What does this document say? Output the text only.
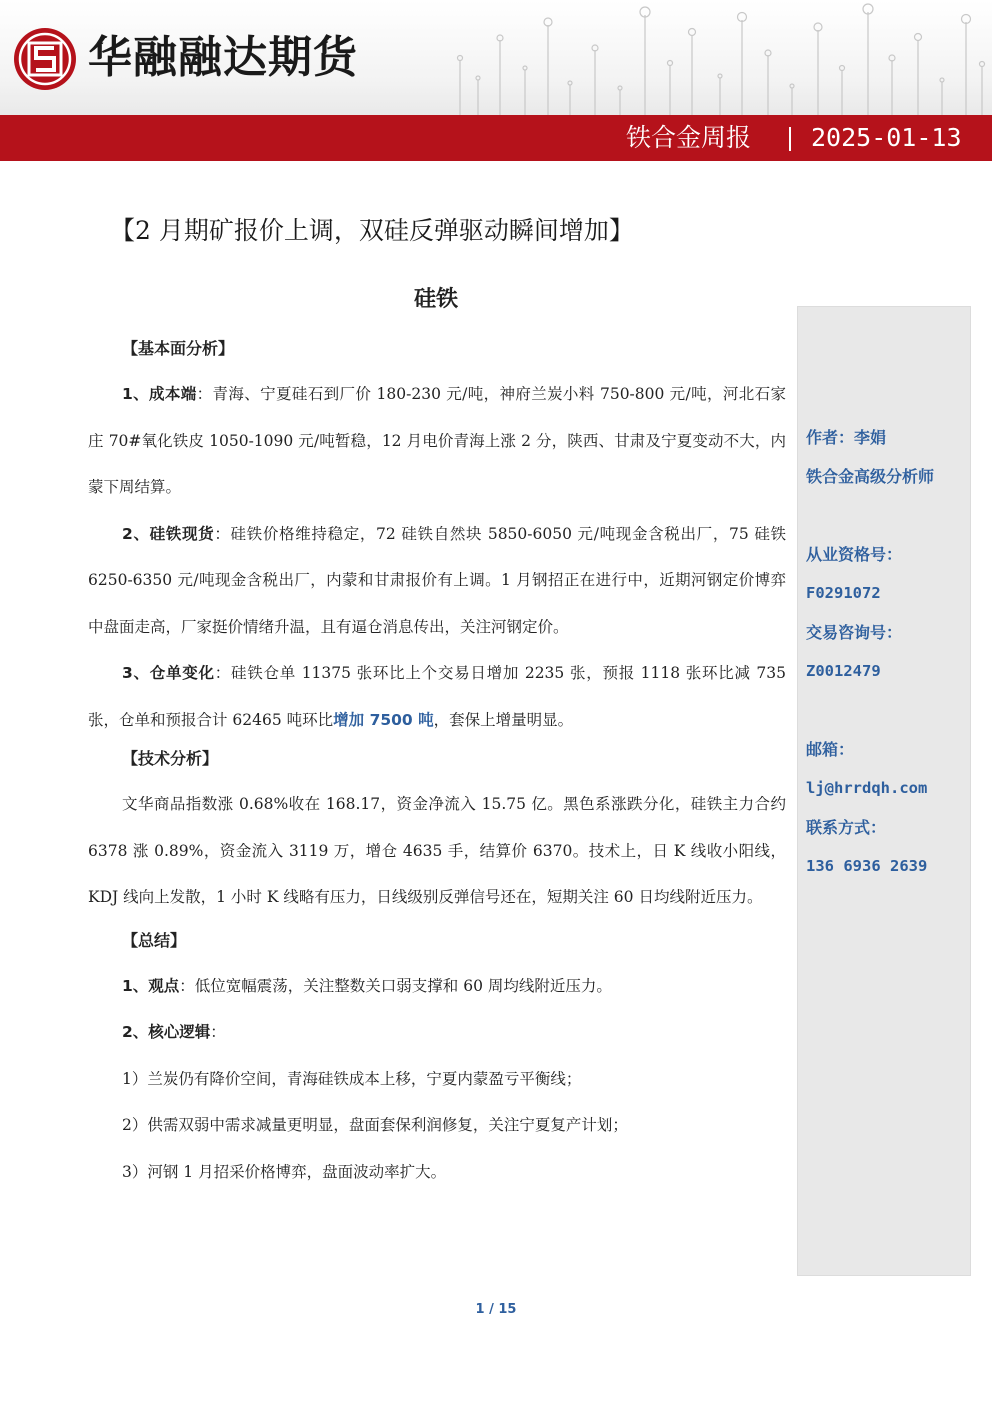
华融融达期货
铁合金周报 2025-01-13
【2 月期矿报价上调，双硅反弹驱动瞬间增加】
硅铁

【基本面分析】

1、成本端：青海、宁夏硅石到厂价 180-230 元/吨，神府兰炭小料 750-800 元/吨，河北石家庄 70#氧化铁皮 1050-1090 元/吨暂稳，12 月电价青海上涨 2 分，陕西、甘肃及宁夏变动不大，内蒙下周结算。

2、硅铁现货：硅铁价格维持稳定，72 硅铁自然块 5850-6050 元/吨现金含税出厂，75 硅铁 6250-6350 元/吨现金含税出厂，内蒙和甘肃报价有上调。1 月钢招正在进行中，近期河钢定价博弈中盘面走高，厂家挺价情绪升温，且有逼仓消息传出，关注河钢定价。

3、仓单变化：硅铁仓单 11375 张环比上个交易日增加 2235 张，预报 1118 张环比减 735 张，仓单和预报合计 62465 吨环比增加 7500 吨，套保上增量明显。

【技术分析】

文华商品指数涨 0.68%收在 168.17，资金净流入 15.75 亿。黑色系涨跌分化，硅铁主力合约 6378 涨 0.89%，资金流入 3119 万，增仓 4635 手，结算价 6370。技术上，日 K 线收小阳线，KDJ 线向上发散，1 小时 K 线略有压力，日线级别反弹信号还在，短期关注 60 日均线附近压力。

【总结】

1、观点：低位宽幅震荡，关注整数关口弱支撑和 60 周均线附近压力。

2、核心逻辑：

1）兰炭仍有降价空间，青海硅铁成本上移，宁夏内蒙盈亏平衡线；

2）供需双弱中需求减量更明显，盘面套保利润修复，关注宁夏复产计划；

3）河钢 1 月招采价格博弈，盘面波动率扩大。

作者：李娟

铁合金高级分析师

从业资格号：

F0291072

交易咨询号：

Z0012479

邮箱：

lj@hrrdqh.com

联系方式：

136 6936 2639

1 / 15
